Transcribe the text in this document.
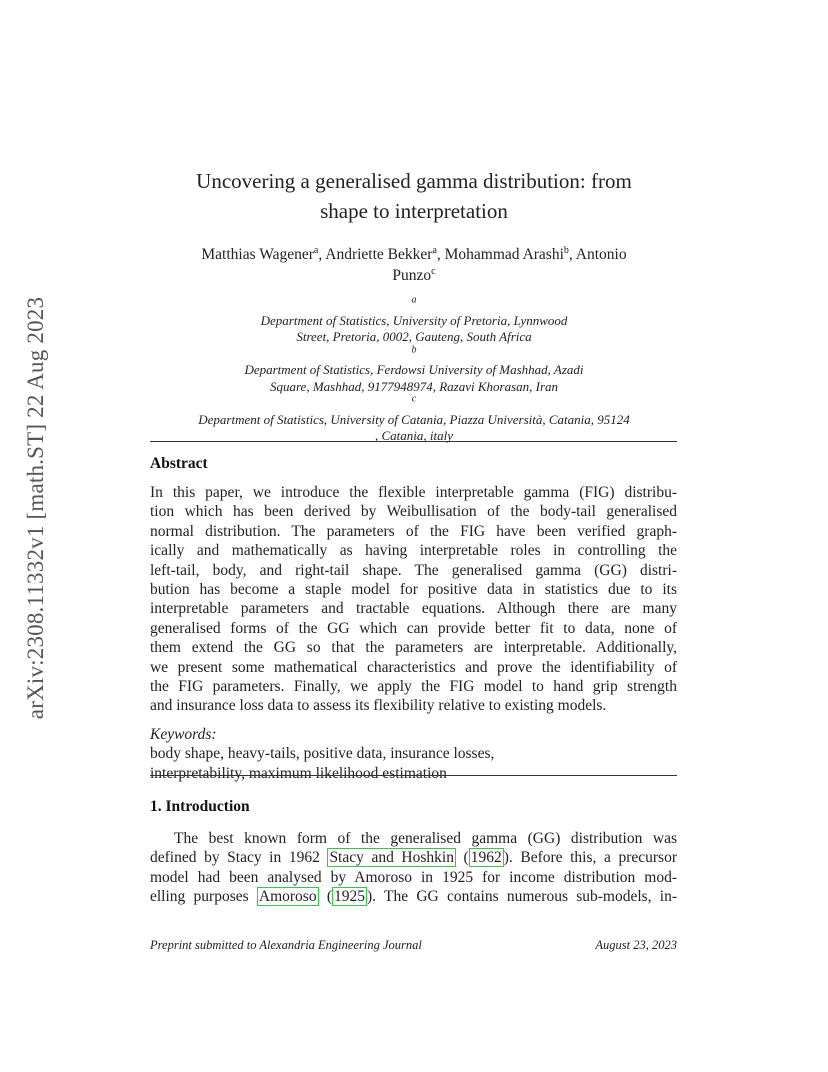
arXiv:2308.11332v1 [math.ST] 22 Aug 2023
Uncovering a generalised gamma distribution: from
shape to interpretation
Matthias Wagener$^a$, Andriette Bekker$^a$, Mohammad Arashi$^b$, Antonio
Punzo$^c$
$^a$
Department of Statistics, University of Pretoria, Lynnwood
Street, Pretoria, 0002, Gauteng, South Africa
$^b$
Department of Statistics, Ferdowsi University of Mashhad, Azadi
Square, Mashhad, 9177948974, Razavi Khorasan, Iran
$^c$
Department of Statistics, University of Catania, Piazza Università, Catania, 95124
, Catania, italy
Abstract
In this paper, we introduce the flexible interpretable gamma (FIG) distribu-
tion which has been derived by Weibullisation of the body-tail generalised
normal distribution. The parameters of the FIG have been verified graph-
ically and mathematically as having interpretable roles in controlling the
left-tail, body, and right-tail shape. The generalised gamma (GG) distri-
bution has become a staple model for positive data in statistics due to its
interpretable parameters and tractable equations. Although there are many
generalised forms of the GG which can provide better fit to data, none of
them extend the GG so that the parameters are interpretable. Additionally,
we present some mathematical characteristics and prove the identifiability of
the FIG parameters. Finally, we apply the FIG model to hand grip strength
and insurance loss data to assess its flexibility relative to existing models.
Keywords:
body shape, heavy-tails, positive data, insurance losses,
interpretability, maximum likelihood estimation
1. Introduction
The best known form of the generalised gamma (GG) distribution was
defined by Stacy in 1962 Stacy and Hoshkin ( 1962 ). Before this, a precursor
model had been analysed by Amoroso in 1925 for income distribution mod-
elling purposes Amoroso ( 1925 ). The GG contains numerous sub-models, in-
Preprint submitted to Alexandria Engineering Journal	August 23, 2023
